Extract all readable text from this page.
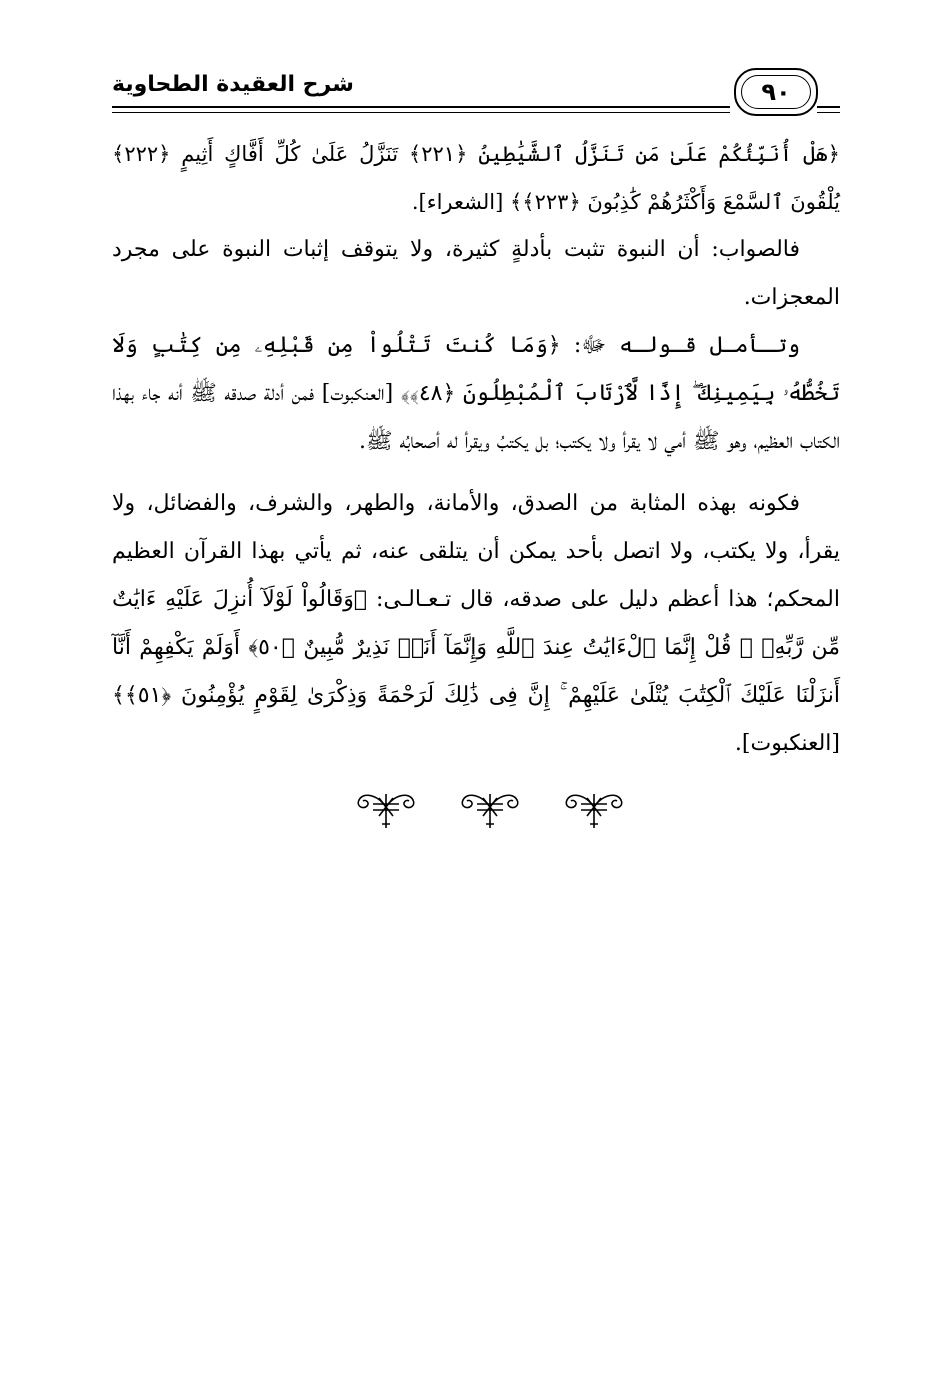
شرح العقيدة الطحاوية	٩٠

﴿هَلْ أُنَبِّئُكُمْ عَلَىٰ مَن تَنَزَّلُ ٱلشَّيَٰطِينُ ﴿٢٢١﴾ تَنَزَّلُ عَلَىٰ كُلِّ أَفَّاكٍ أَثِيمٍ ﴿٢٢٢﴾ يُلْقُونَ ٱلسَّمْعَ وَأَكْثَرُهُمْ كَٰذِبُونَ ﴿٢٢٣﴾﴾ [الشعراء].

فالصواب: أن النبوة تثبت بأدلةٍ كثيرة، ولا يتوقف إثبات النبوة على مجرد المعجزات.

وتـأمـل قـولـه ﷻ: ﴿وَمَا كُنتَ تَتْلُواْ مِن قَبْلِهِۦ مِن كِتَٰبٍ وَلَا تَخُطُّهُۥ بِيَمِينِكَ ۖ إِذًا لَّٱرْتَابَ ٱلْمُبْطِلُونَ ﴿٤٨﴾﴾ [العنكبوت] فمن أدلة صدقه ﷺ أنه جاء بهذا الكتاب العظيم، وهو ﷺ أمي لا يقرأ ولا يكتب؛ بل يكتبُ ويقرأ له أصحابُه ﷺ.

فكونه بهذه المثابة من الصدق، والأمانة، والطهر، والشرف، والفضائل، ولا يقرأ، ولا يكتب، ولا اتصل بأحد يمكن أن يتلقى عنه، ثم يأتي بهذا القرآن العظيم المحكم؛ هذا أعظم دليل على صدقه، قال تـعـالـى: ﴿وَقَالُواْ لَوْلَآ أُنزِلَ عَلَيْهِ ءَايَٰتٌ مِّن رَّبِّهِۦ ۖ قُلْ إِنَّمَا ٱلْءَايَٰتُ عِندَ ٱللَّهِ وَإِنَّمَآ أَنَا۠ نَذِيرٌ مُّبِينٌ ﴿٥٠﴾ أَوَلَمْ يَكْفِهِمْ أَنَّآ أَنزَلْنَا عَلَيْكَ ٱلْكِتَٰبَ يُتْلَىٰ عَلَيْهِمْ ۚ إِنَّ فِى ذَٰلِكَ لَرَحْمَةً وَذِكْرَىٰ لِقَوْمٍ يُؤْمِنُونَ ﴿٥١﴾﴾ [العنكبوت].
